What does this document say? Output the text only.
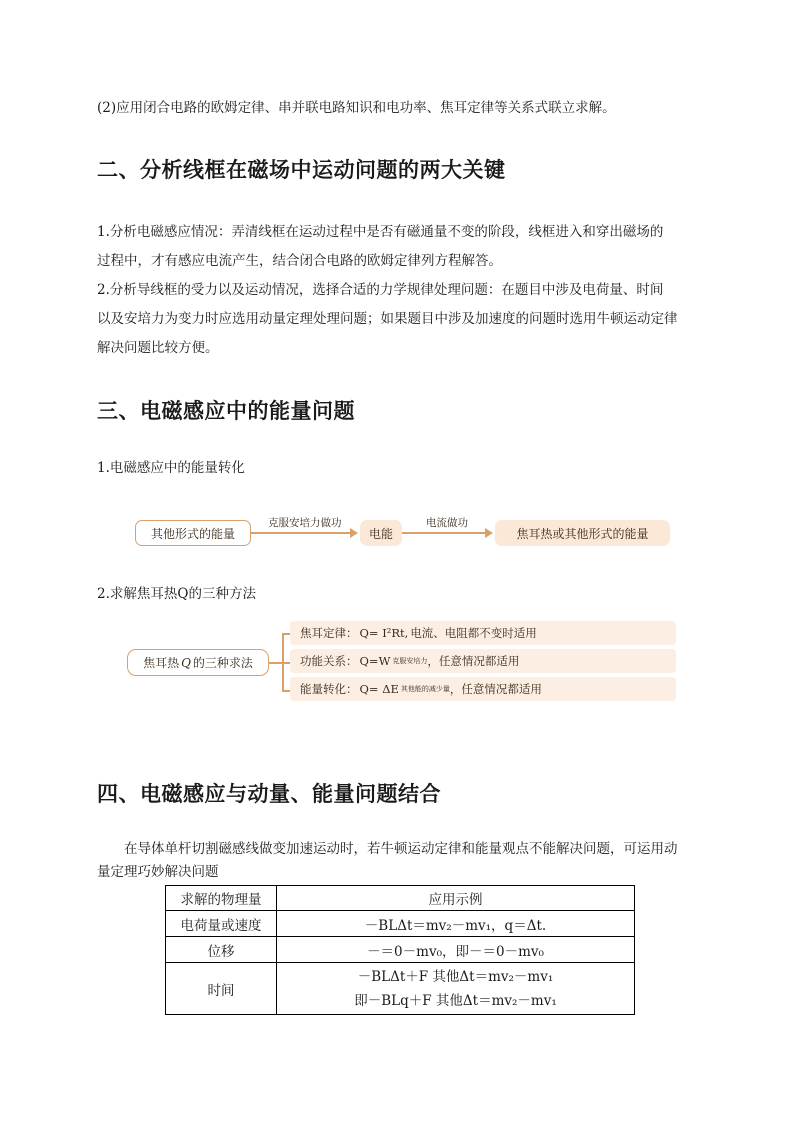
(2)应用闭合电路的欧姆定律、串并联电路知识和电功率、焦耳定律等关系式联立求解。
二、分析线框在磁场中运动问题的两大关键
1.分析电磁感应情况：弄清线框在运动过程中是否有磁通量不变的阶段，线框进入和穿出磁场的
过程中，才有感应电流产生，结合闭合电路的欧姆定律列方程解答。
2.分析导线框的受力以及运动情况，选择合适的力学规律处理问题：在题目中涉及电荷量、时间
以及安培力为变力时应选用动量定理处理问题；如果题目中涉及加速度的问题时选用牛顿运动定律
解决问题比较方便。
三、电磁感应中的能量问题
1.电磁感应中的能量转化
其他形式的能量
克服安培力做功
电能
电流做功
焦耳热或其他形式的能量
2.求解焦耳热Q的三种方法
焦耳热 Q 的三种求法
焦耳定律： Q= I²Rt, 电流、电阻都不变时适用
功能关系： Q=W 克服安培力 ，任意情况都适用
能量转化： Q= ΔE 其他能的减少量 ，任意情况都适用
四、电磁感应与动量、能量问题结合
在导体单杆切割磁感线做变加速运动时，若牛顿运动定律和能量观点不能解决问题，可运用动
量定理巧妙解决问题
求解的物理量	应用示例
电荷量或速度	－BLΔt＝mv₂－mv₁，q＝Δt.
位移	－＝0－mv₀，即－＝0－mv₀
时间	－BLΔt＋F 其他Δt＝mv₂－mv₁
即－BLq＋F 其他Δt＝mv₂－mv₁
